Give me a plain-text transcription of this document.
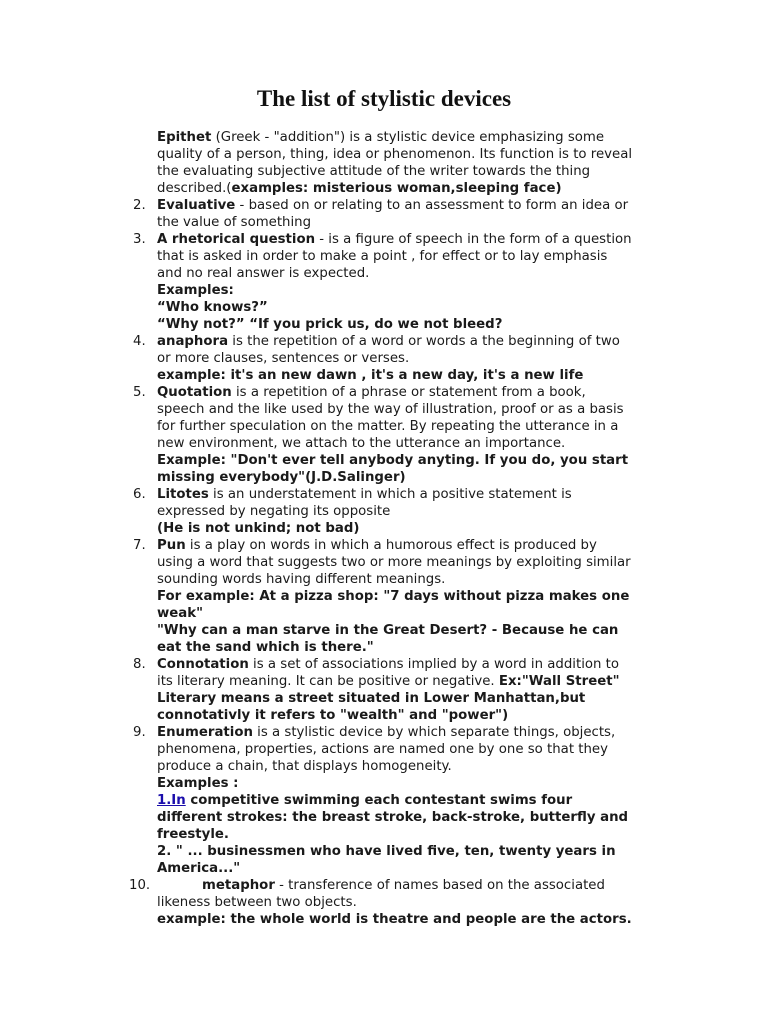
The list of stylistic devices
Epithet (Greek - "addition") is a stylistic device emphasizing some
quality of a person, thing, idea or phenomenon. Its function is to reveal
the evaluating subjective attitude of the writer towards the thing
described.(examples: misterious woman,sleeping face)
2. Evaluative - based on or relating to an assessment to form an idea or
the value of something
3. A rhetorical question - is a figure of speech in the form of a question
that is asked in order to make a point , for effect or to lay emphasis
and no real answer is expected.
Examples:
“Who knows?”
“Why not?” “If you prick us, do we not bleed?
4. anaphora is the repetition of a word or words a the beginning of two
or more clauses, sentences or verses.
example: it's an new dawn , it's a new day, it's a new life
5. Quotation is a repetition of a phrase or statement from a book,
speech and the like used by the way of illustration, proof or as a basis
for further speculation on the matter. By repeating the utterance in a
new environment, we attach to the utterance an importance.
Example: "Don't ever tell anybody anyting. If you do, you start
missing everybody"(J.D.Salinger)
6. Litotes is an understatement in which a positive statement is
expressed by negating its opposite
(He is not unkind; not bad)
7. Pun is a play on words in which a humorous effect is produced by
using a word that suggests two or more meanings by exploiting similar
sounding words having different meanings.
For example: At a pizza shop: "7 days without pizza makes one
weak"
"Why can a man starve in the Great Desert? - Because he can
eat the sand which is there."
8. Connotation is a set of associations implied by a word in addition to
its literary meaning. It can be positive or negative. Ex:"Wall Street"
Literary means a street situated in Lower Manhattan,but
connotativly it refers to "wealth" and "power")
9. Enumeration is a stylistic device by which separate things, objects,
phenomena, properties, actions are named one by one so that they
produce a chain, that displays homogeneity.
Examples :
1.In competitive swimming each contestant swims four
different strokes: the breast stroke, back-stroke, butterfly and
freestyle.
2. " ... businessmen who have lived five, ten, twenty years in
America..."
10.	metaphor - transference of names based on the associated
likeness between two objects.
example: the whole world is theatre and people are the actors.
